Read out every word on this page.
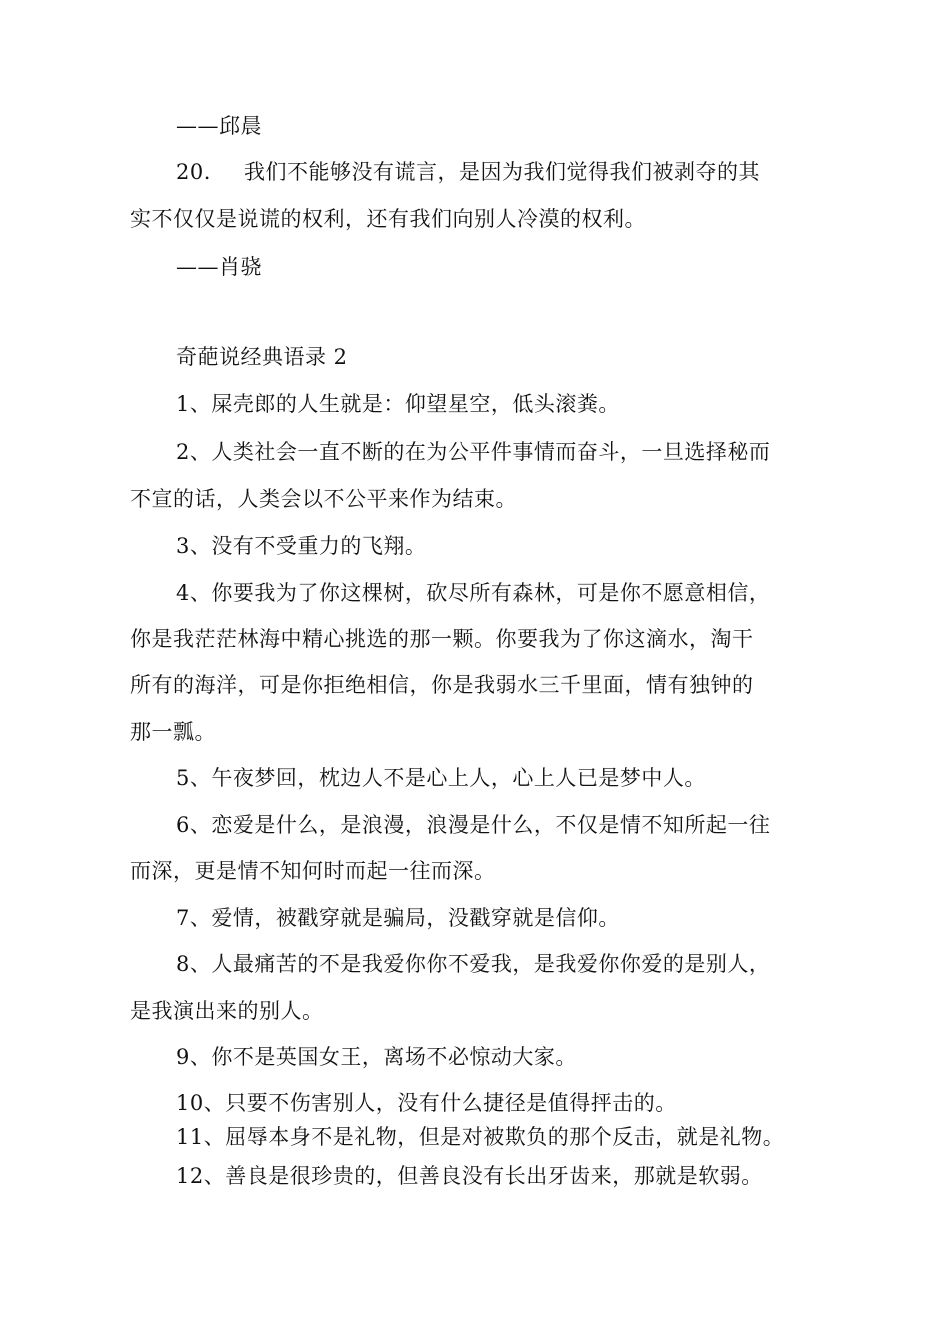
——邱晨
20. 我们不能够没有谎言，是因为我们觉得我们被剥夺的其
实不仅仅是说谎的权利，还有我们向别人冷漠的权利。
——肖骁
奇葩说经典语录 2
1、屎壳郎的人生就是：仰望星空，低头滚粪。
2、人类社会一直不断的在为公平件事情而奋斗，一旦选择秘而
不宣的话，人类会以不公平来作为结束。
3、没有不受重力的飞翔。
4、你要我为了你这棵树，砍尽所有森林，可是你不愿意相信，
你是我茫茫林海中精心挑选的那一颗。你要我为了你这滴水，淘干
所有的海洋，可是你拒绝相信，你是我弱水三千里面，情有独钟的
那一瓢。
5、午夜梦回，枕边人不是心上人，心上人已是梦中人。
6、恋爱是什么，是浪漫，浪漫是什么，不仅是情不知所起一往
而深，更是情不知何时而起一往而深。
7、爱情，被戳穿就是骗局，没戳穿就是信仰。
8、人最痛苦的不是我爱你你不爱我，是我爱你你爱的是别人，
是我演出来的别人。
9、你不是英国女王，离场不必惊动大家。
10、只要不伤害别人，没有什么捷径是值得抨击的。
11、屈辱本身不是礼物，但是对被欺负的那个反击，就是礼物。
12、善良是很珍贵的，但善良没有长出牙齿来，那就是软弱。
